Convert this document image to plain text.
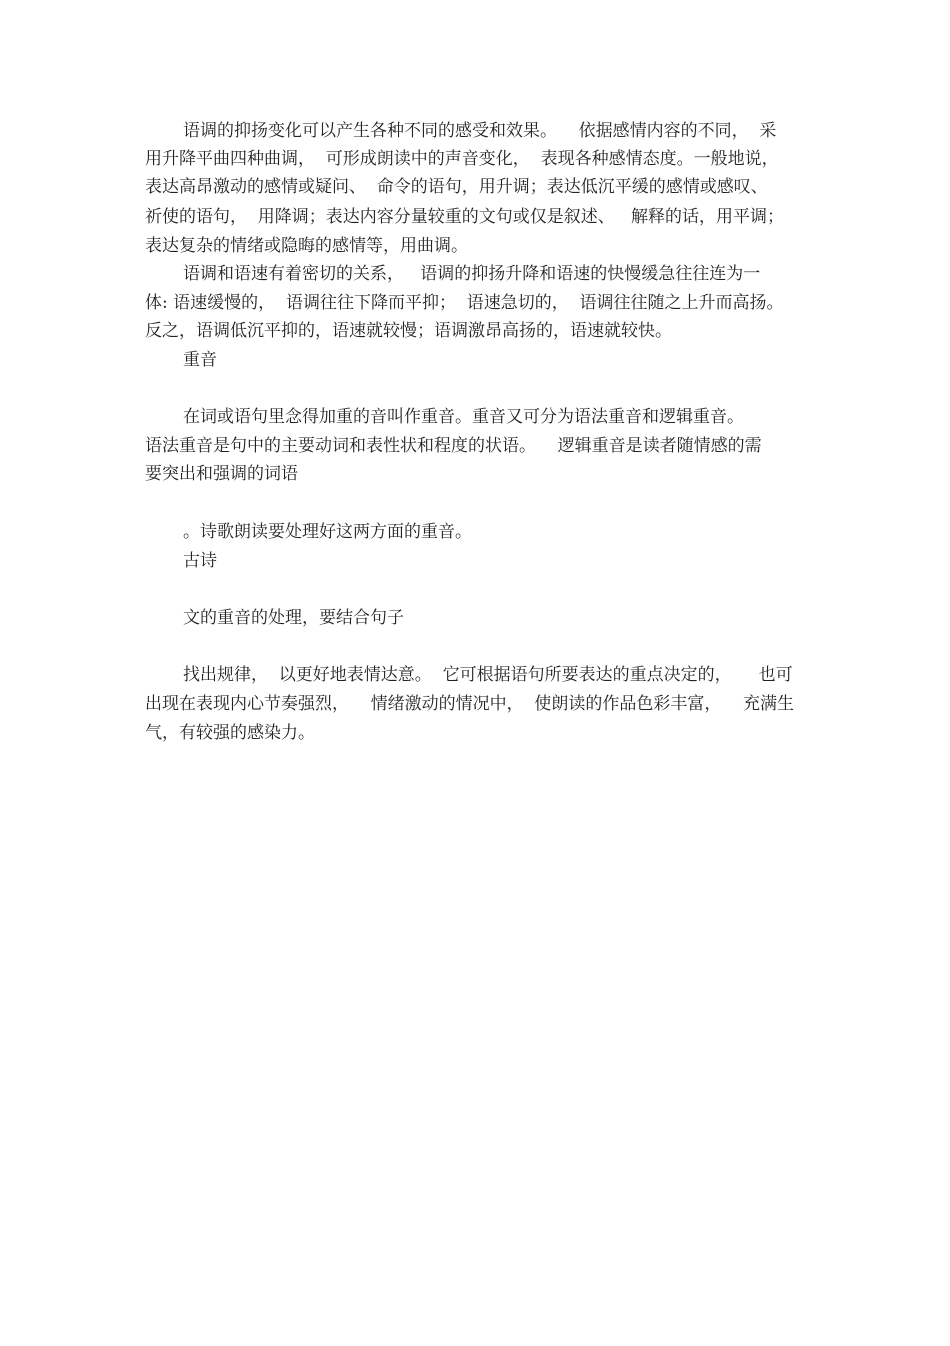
语调的抑扬变化可以产生各种不同的感受和效果。    依据感情内容的不同，  采
用升降平曲四种曲调，  可形成朗读中的声音变化，  表现各种感情态度。一般地说，
表达高昂激动的感情或疑问、  命令的语句，用升调；表达低沉平缓的感情或感叹、
祈使的语句，  用降调；表达内容分量较重的文句或仅是叙述、   解释的话，用平调；
表达复杂的情绪或隐晦的感情等，用曲调。
语调和语速有着密切的关系，   语调的抑扬升降和语速的快慢缓急往往连为一
体: 语速缓慢的，  语调往往下降而平抑；  语速急切的，  语调往往随之上升而高扬。
反之，语调低沉平抑的，语速就较慢；语调激昂高扬的，语速就较快。
重音
在词或语句里念得加重的音叫作重音。重音又可分为语法重音和逻辑重音。
语法重音是句中的主要动词和表性状和程度的状语。    逻辑重音是读者随情感的需
要突出和强调的词语
。诗歌朗读要处理好这两方面的重音。
古诗
文的重音的处理，要结合句子
找出规律，  以更好地表情达意。  它可根据语句所要表达的重点决定的，     也可
出现在表现内心节奏强烈，    情绪激动的情况中，  使朗读的作品色彩丰富，    充满生
气，有较强的感染力。
